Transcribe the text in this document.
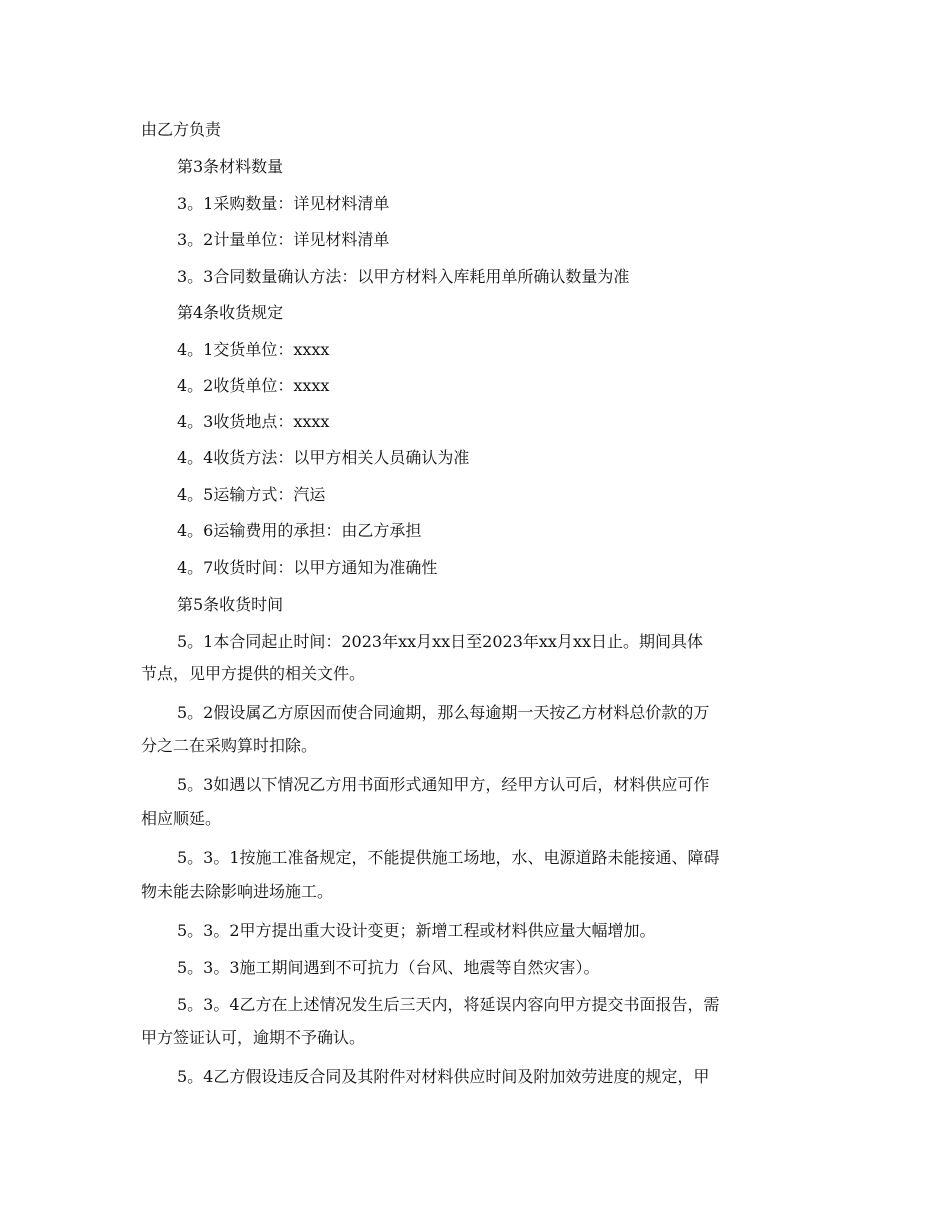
由乙方负责
第3条材料数量
3。1采购数量：详见材料清单
3。2计量单位：详见材料清单
3。3合同数量确认方法：以甲方材料入库耗用单所确认数量为准
第4条收货规定
4。1交货单位：xxxx
4。2收货单位：xxxx
4。3收货地点：xxxx
4。4收货方法：以甲方相关人员确认为准
4。5运输方式：汽运
4。6运输费用的承担：由乙方承担
4。7收货时间：以甲方通知为准确性
第5条收货时间
5。1本合同起止时间：2023年xx月xx日至2023年xx月xx日止。期间具体
节点，见甲方提供的相关文件。
5。2假设属乙方原因而使合同逾期，那么每逾期一天按乙方材料总价款的万
分之二在采购算时扣除。
5。3如遇以下情况乙方用书面形式通知甲方，经甲方认可后，材料供应可作
相应顺延。
5。3。1按施工准备规定，不能提供施工场地，水、电源道路未能接通、障碍
物未能去除影响进场施工。
5。3。2甲方提出重大设计变更；新增工程或材料供应量大幅增加。
5。3。3施工期间遇到不可抗力（台风、地震等自然灾害）。
5。3。4乙方在上述情况发生后三天内，将延误内容向甲方提交书面报告，需
甲方签证认可，逾期不予确认。
5。4乙方假设违反合同及其附件对材料供应时间及附加效劳进度的规定，甲
